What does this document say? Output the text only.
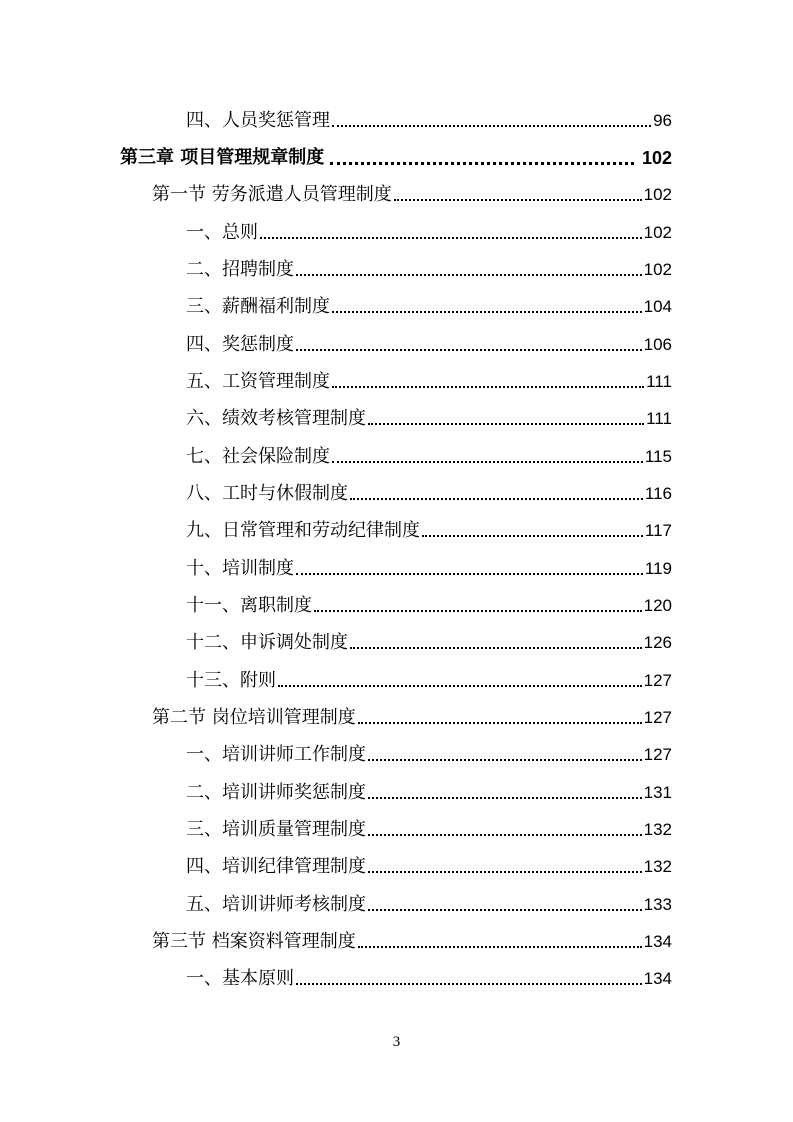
四、人员奖惩管理	96
第三章 项目管理规章制度	102
第一节 劳务派遣人员管理制度	102
一、总则	102
二、招聘制度	102
三、薪酬福利制度	104
四、奖惩制度	106
五、工资管理制度	111
六、绩效考核管理制度	111
七、社会保险制度	115
八、工时与休假制度	116
九、日常管理和劳动纪律制度	117
十、培训制度	119
十一、离职制度	120
十二、申诉调处制度	126
十三、附则	127
第二节 岗位培训管理制度	127
一、培训讲师工作制度	127
二、培训讲师奖惩制度	131
三、培训质量管理制度	132
四、培训纪律管理制度	132
五、培训讲师考核制度	133
第三节 档案资料管理制度	134
一、基本原则	134
3
